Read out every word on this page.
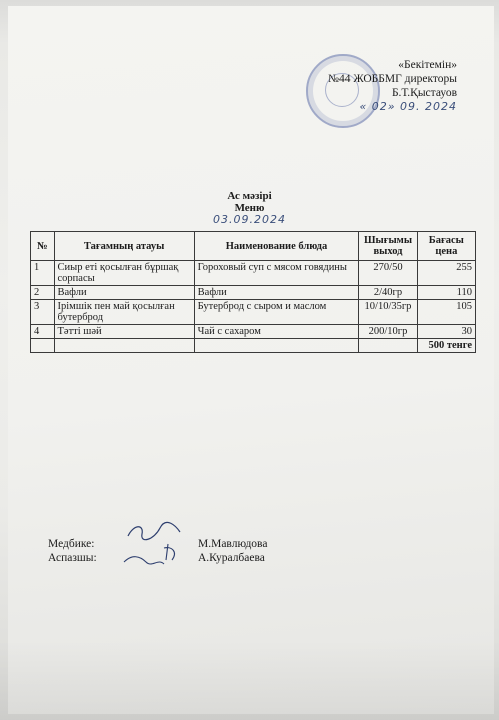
«Бекітемін»
№44 ЖОББМГ директоры
Б.Т.Қыстауов
« 02» 09. 2024
Ас мәзірі
Меню
03.09.2024
№	Тағамның атауы	Наименование блюда	Шығымы выход	Бағасы цена
1	Сиыр еті қосылған бұршақ сорпасы	Гороховый суп с мясом говядины	270/50	255
2	Вафли	Вафли	2/40гр	110
3	Ірімшік пен май қосылған бутерброд	Бутерброд с сыром и маслом	10/10/35гр	105
4	Тәтті шәй	Чай с сахаром	200/10гр	30
				500 тенге
Медбике:	М.Мавлюдова
Аспазшы:	А.Куралбаева
